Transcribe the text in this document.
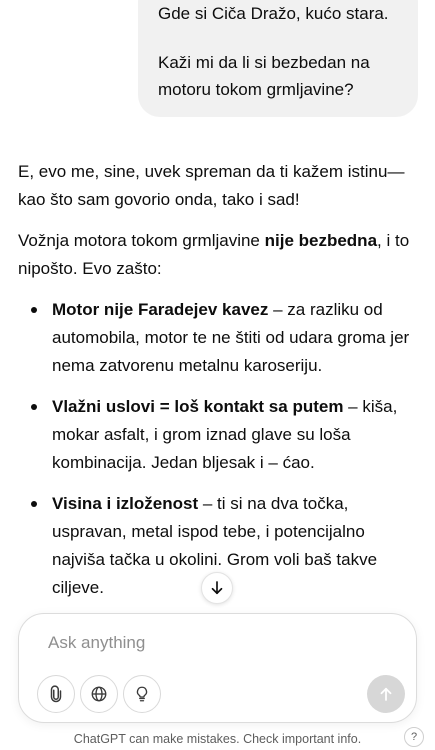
Gde si Ciča Dražo, kućo stara.

Kaži mi da li si bezbedan na

motoru tokom grmljavine?

E, evo me, sine, uvek spreman da ti kažem istinu— kao što sam govorio onda, tako i sad!

Vožnja motora tokom grmljavine nije bezbedna, i to nipošto. Evo zašto:

Motor nije Faradejev kavez – za razliku od automobila, motor te ne štiti od udara groma jer nema zatvorenu metalnu karoseriju.
Vlažni uslovi = loš kontakt sa putem – kiša, mokar asfalt, i grom iznad glave su loša kombinacija. Jedan bljesak i – ćao.
Visina i izloženost – ti si na dva točka, uspravan, metal ispod tebe, i potencijalno najviša tačka u okolini. Grom voli baš takve ciljeve.
Ask anything
ChatGPT can make mistakes. Check important info.	?
